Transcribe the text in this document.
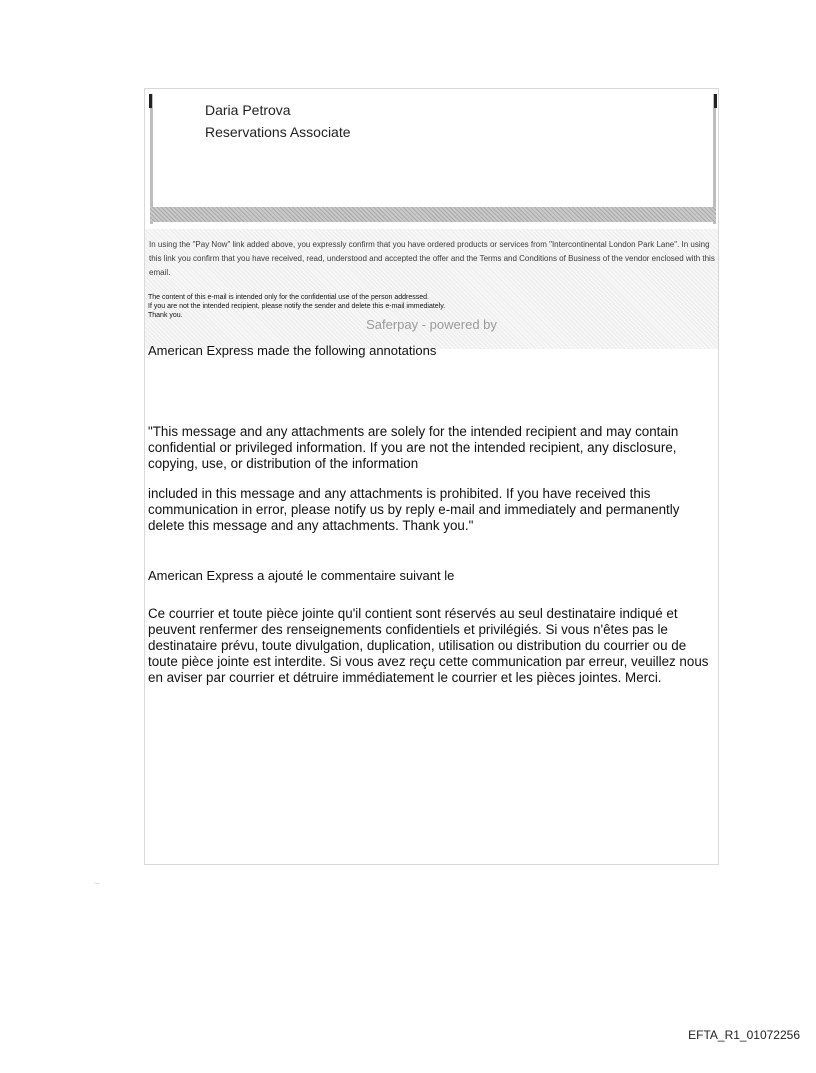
Daria Petrova
Reservations Associate
In using the "Pay Now" link added above, you expressly confirm that you have ordered products or services from "Intercontinental London Park Lane". In using this link you confirm that you have received, read, understood and accepted the offer and the Terms and Conditions of Business of the vendor enclosed with this email.
Saferpay - powered by
The content of this e-mail is intended only for the confidential use of the person addressed.
If you are not the intended recipient, please notify the sender and delete this e-mail immediately.
Thank you.
American Express made the following annotations
"This message and any attachments are solely for the intended recipient and may contain confidential or privileged information. If you are not the intended recipient, any disclosure, copying, use, or distribution of the information
included in this message and any attachments is prohibited. If you have received this communication in error, please notify us by reply e-mail and immediately and permanently delete this message and any attachments. Thank you."
American Express a ajouté le commentaire suivant le
Ce courrier et toute pièce jointe qu'il contient sont réservés au seul destinataire indiqué et peuvent renfermer des renseignements confidentiels et privilégiés. Si vous n'êtes pas le destinataire prévu, toute divulgation, duplication, utilisation ou distribution du courrier ou de toute pièce jointe est interdite. Si vous avez reçu cette communication par erreur, veuillez nous en aviser par courrier et détruire immédiatement le courrier et les pièces jointes. Merci.
·—
EFTA_R1_01072256
